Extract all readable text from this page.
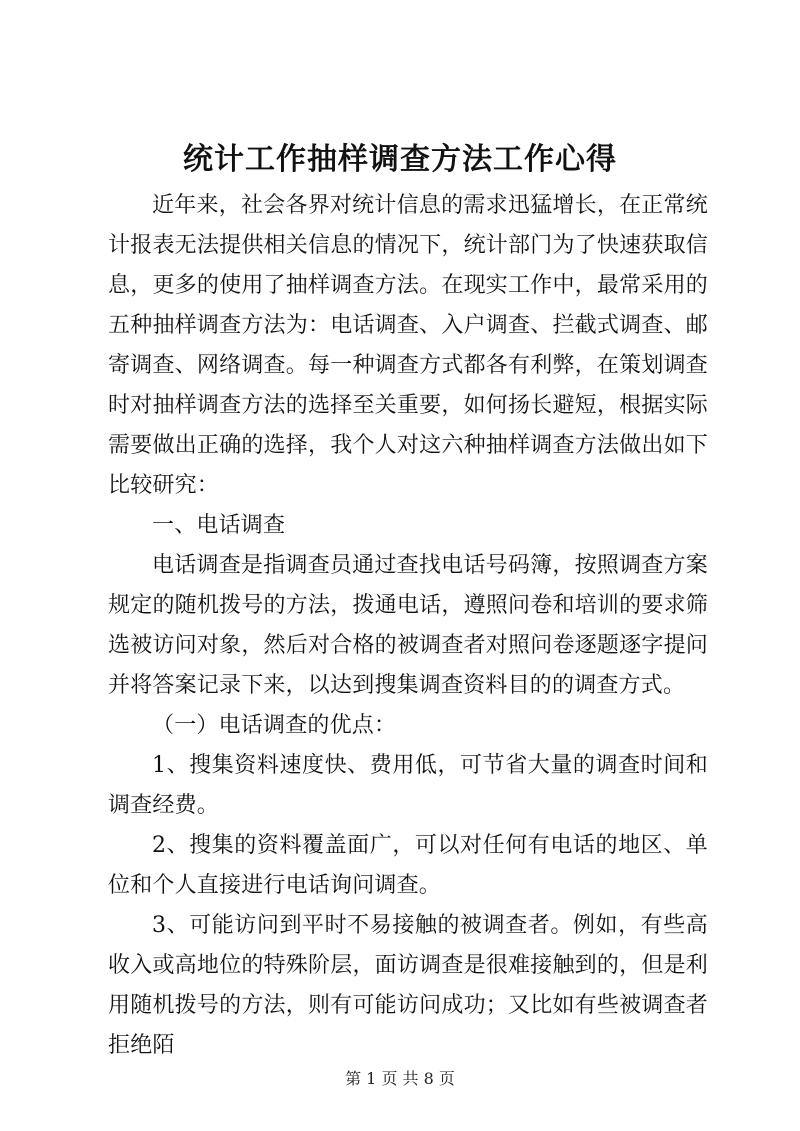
统计工作抽样调查方法工作心得

近年来，社会各界对统计信息的需求迅猛增长，在正常统计报表无法提供相关信息的情况下，统计部门为了快速获取信息，更多的使用了抽样调查方法。在现实工作中，最常采用的五种抽样调查方法为：电话调查、入户调查、拦截式调查、邮寄调查、网络调查。每一种调查方式都各有利弊，在策划调查时对抽样调查方法的选择至关重要，如何扬长避短，根据实际需要做出正确的选择，我个人对这六种抽样调查方法做出如下比较研究：

一、电话调查

电话调查是指调查员通过查找电话号码簿，按照调查方案规定的随机拨号的方法，拨通电话，遵照问卷和培训的要求筛选被访问对象，然后对合格的被调查者对照问卷逐题逐字提问并将答案记录下来，以达到搜集调查资料目的的调查方式。

（一）电话调查的优点：

1、搜集资料速度快、费用低，可节省大量的调查时间和调查经费。

2、搜集的资料覆盖面广，可以对任何有电话的地区、单位和个人直接进行电话询问调查。

3、可能访问到平时不易接触的被调查者。例如，有些高收入或高地位的特殊阶层，面访调查是很难接触到的，但是利用随机拨号的方法，则有可能访问成功；又比如有些被调查者拒绝陌

第 1 页 共 8 页
